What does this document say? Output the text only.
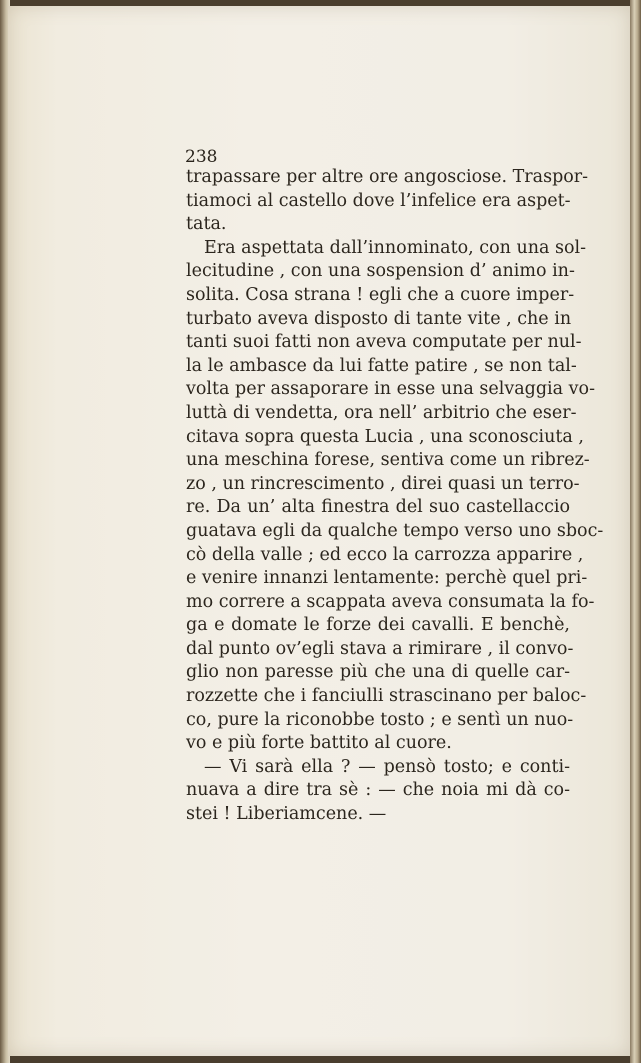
238
trapassare per altre ore angosciose. Traspor-
tiamoci al castello dove l’infelice era aspet-
tata.
Era aspettata dall’innominato, con una sol-
lecitudine , con una sospension d’ animo in-
solita. Cosa strana ! egli che a cuore imper-
turbato aveva disposto di tante vite , che in
tanti suoi fatti non aveva computate per nul-
la le ambasce da lui fatte patire , se non tal-
volta per assaporare in esse una selvaggia vo-
luttà di vendetta, ora nell’ arbitrio che eser-
citava sopra questa Lucia , una sconosciuta ,
una meschina forese, sentiva come un ribrez-
zo , un rincrescimento , direi quasi un terro-
re. Da un’ alta finestra del suo castellaccio
guatava egli da qualche tempo verso uno sboc-
cò della valle ; ed ecco la carrozza apparire ,
e venire innanzi lentamente: perchè quel pri-
mo correre a scappata aveva consumata la fo-
ga e domate le forze dei cavalli. E benchè,
dal punto ov’egli stava a rimirare , il convo-
glio non paresse più che una di quelle car-
rozzette che i fanciulli strascinano per baloc-
co, pure la riconobbe tosto ; e sentì un nuo-
vo e più forte battito al cuore.
— Vi sarà ella ? — pensò tosto; e conti-
nuava a dire tra sè : — che noia mi dà co-
stei ! Liberiamcene. —
